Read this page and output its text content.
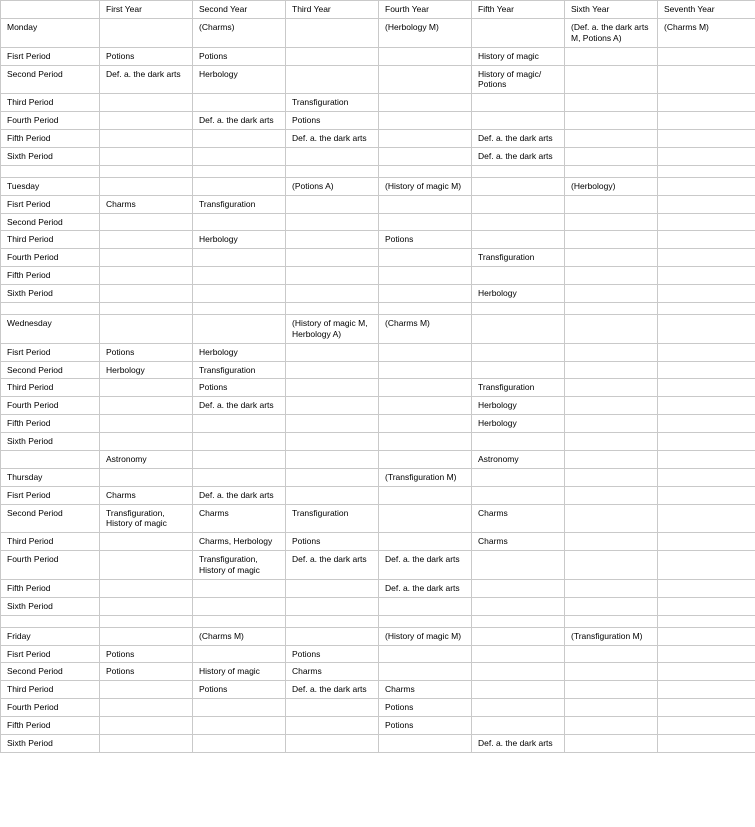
	First Year	Second Year	Third Year	Fourth Year	Fifth Year	Sixth Year	Seventh Year
Monday		(Charms)		(Herbology M)		(Def. a. the dark arts M, Potions A)	(Charms M)
Fisrt Period	Potions	Potions			History of magic		
Second Period	Def. a. the dark arts	Herbology			History of magic/ Potions		
Third Period			Transfiguration				
Fourth Period		Def. a. the dark arts	Potions				
Fifth Period			Def. a. the dark arts		Def. a. the dark arts		
Sixth Period					Def. a. the dark arts		

Tuesday			(Potions A)	(History of magic M)		(Herbology)	
Fisrt Period	Charms	Transfiguration					
Second Period							
Third Period		Herbology		Potions			
Fourth Period					Transfiguration		
Fifth Period							
Sixth Period					Herbology		

Wednesday			(History of magic M, Herbology A)	(Charms M)			
Fisrt Period	Potions	Herbology					
Second Period	Herbology	Transfiguration					
Third Period		Potions			Transfiguration		
Fourth Period		Def. a. the dark arts			Herbology		
Fifth Period					Herbology		
Sixth Period							
	Astronomy				Astronomy		
Thursday				(Transfiguration M)			
Fisrt Period	Charms	Def. a. the dark arts					
Second Period	Transfiguration, History of magic	Charms	Transfiguration		Charms		
Third Period		Charms, Herbology	Potions		Charms		
Fourth Period		Transfiguration, History of magic	Def. a. the dark arts	Def. a. the dark arts			
Fifth Period				Def. a. the dark arts			
Sixth Period							

Friday		(Charms M)		(History of magic M)		(Transfiguration M)	
Fisrt Period	Potions		Potions				
Second Period	Potions	History of magic	Charms				
Third Period		Potions	Def. a. the dark arts	Charms			
Fourth Period				Potions			
Fifth Period				Potions			
Sixth Period					Def. a. the dark arts		
